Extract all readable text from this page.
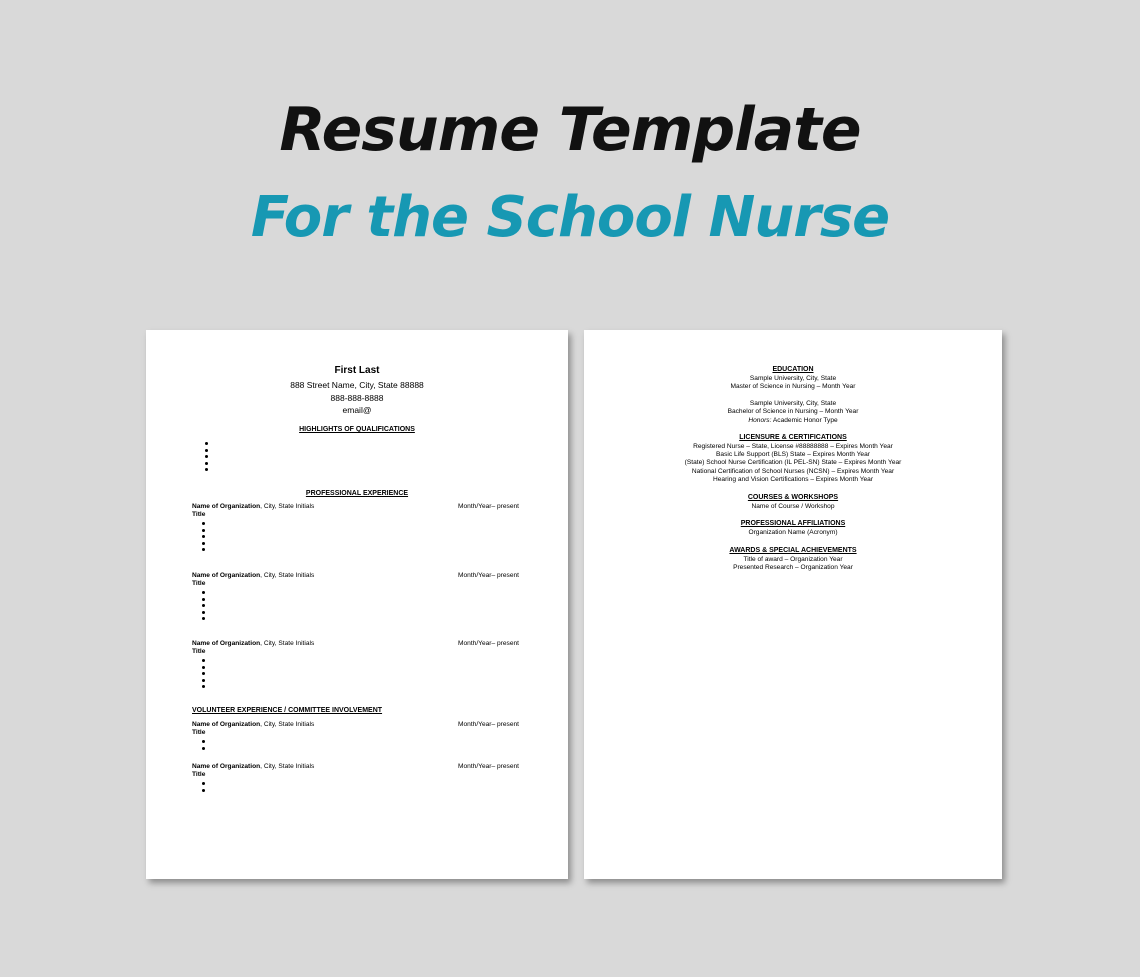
Resume Template
For the School Nurse
First Last
888 Street Name, City, State 88888
888-888-8888
email@
HIGHLIGHTS OF QUALIFICATIONS
PROFESSIONAL EXPERIENCE
Name of Organization, City, State Initials	Month/Year– present
Title
Name of Organization, City, State Initials	Month/Year– present
Title
Name of Organization, City, State Initials	Month/Year– present
Title
VOLUNTEER EXPERIENCE / COMMITTEE INVOLVEMENT
Name of Organization, City, State Initials	Month/Year– present
Title
Name of Organization, City, State Initials	Month/Year– present
Title
EDUCATION
Sample University, City, State
Master of Science in Nursing – Month Year
Sample University, City, State
Bachelor of Science in Nursing – Month Year
Honors: Academic Honor Type
LICENSURE & CERTIFICATIONS
Registered Nurse – State, License #88888888 – Expires Month Year
Basic Life Support (BLS) State – Expires Month Year
(State) School Nurse Certification (IL PEL-SN) State – Expires Month Year
National Certification of School Nurses (NCSN) – Expires Month Year
Hearing and Vision Certifications – Expires Month Year
COURSES & WORKSHOPS
Name of Course / Workshop
PROFESSIONAL AFFILIATIONS
Organization Name (Acronym)
AWARDS & SPECIAL ACHIEVEMENTS
Title of award – Organization Year
Presented Research – Organization Year
